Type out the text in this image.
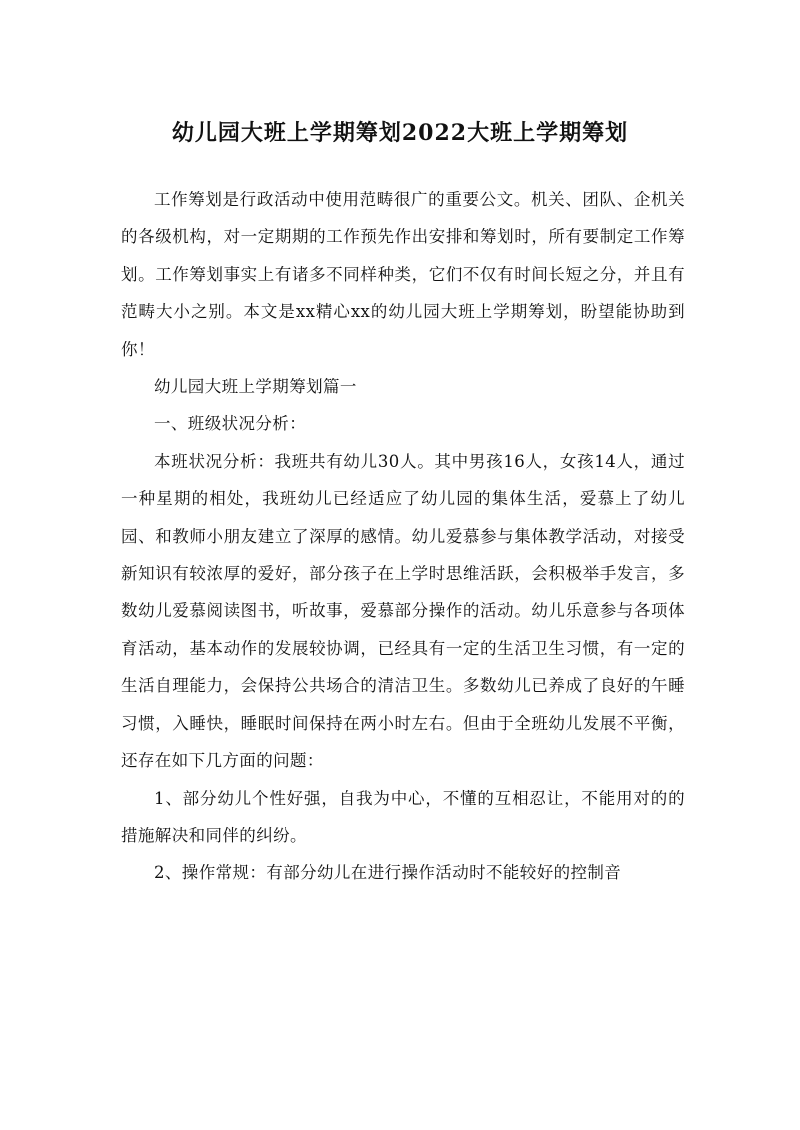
幼儿园大班上学期筹划2022大班上学期筹划

工作筹划是行政活动中使用范畴很广的重要公文。机关、团队、企机关的各级机构，对一定期期的工作预先作出安排和筹划时，所有要制定工作筹划。工作筹划事实上有诸多不同样种类，它们不仅有时间长短之分，并且有范畴大小之别。本文是xx精心xx的幼儿园大班上学期筹划，盼望能协助到你！

幼儿园大班上学期筹划篇一

一、班级状况分析：

本班状况分析：我班共有幼儿30人。其中男孩16人，女孩14人，通过一种星期的相处，我班幼儿已经适应了幼儿园的集体生活，爱慕上了幼儿园、和教师小朋友建立了深厚的感情。幼儿爱慕参与集体教学活动，对接受新知识有较浓厚的爱好，部分孩子在上学时思维活跃，会积极举手发言，多数幼儿爱慕阅读图书，听故事，爱慕部分操作的活动。幼儿乐意参与各项体育活动，基本动作的发展较协调，已经具有一定的生活卫生习惯，有一定的生活自理能力，会保持公共场合的清洁卫生。多数幼儿已养成了良好的午睡习惯，入睡快，睡眠时间保持在两小时左右。但由于全班幼儿发展不平衡，还存在如下几方面的问题：

1、部分幼儿个性好强，自我为中心，不懂的互相忍让，不能用对的的措施解决和同伴的纠纷。

2、操作常规：有部分幼儿在进行操作活动时不能较好的控制音
